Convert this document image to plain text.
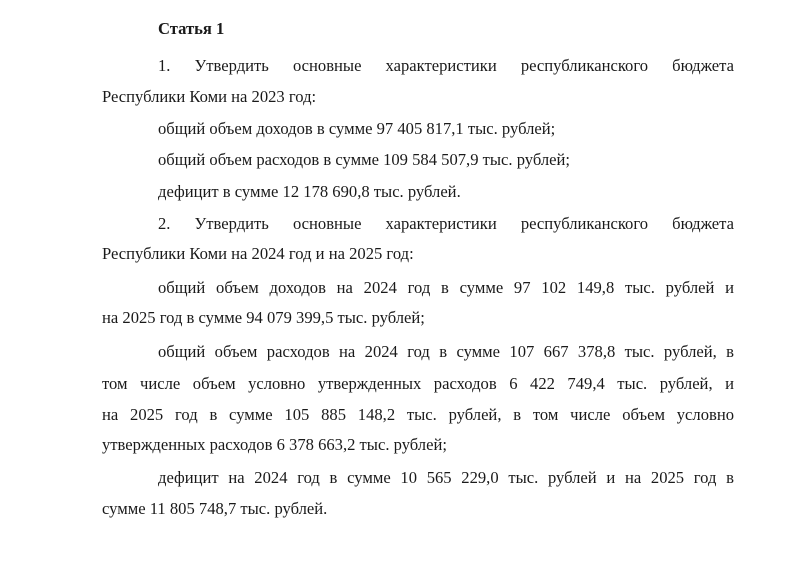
Статья 1
1. Утвердить основные характеристики республиканского бюджета
Республики Коми на 2023 год:
общий объем доходов в сумме 97 405 817,1 тыс. рублей;
общий объем расходов в сумме 109 584 507,9 тыс. рублей;
дефицит в сумме 12 178 690,8 тыс. рублей.
2. Утвердить основные характеристики республиканского бюджета
Республики Коми на 2024 год и на 2025 год:
общий объем доходов на 2024 год в сумме 97 102 149,8 тыс. рублей и
на 2025 год в сумме 94 079 399,5 тыс. рублей;
общий объем расходов на 2024 год в сумме 107 667 378,8 тыс. рублей, в
том числе объем условно утвержденных расходов 6 422 749,4 тыс. рублей, и
на 2025 год в сумме 105 885 148,2 тыс. рублей, в том числе объем условно
утвержденных расходов 6 378 663,2 тыс. рублей;
дефицит на 2024 год в сумме 10 565 229,0 тыс. рублей и на 2025 год в
сумме 11 805 748,7 тыс. рублей.
